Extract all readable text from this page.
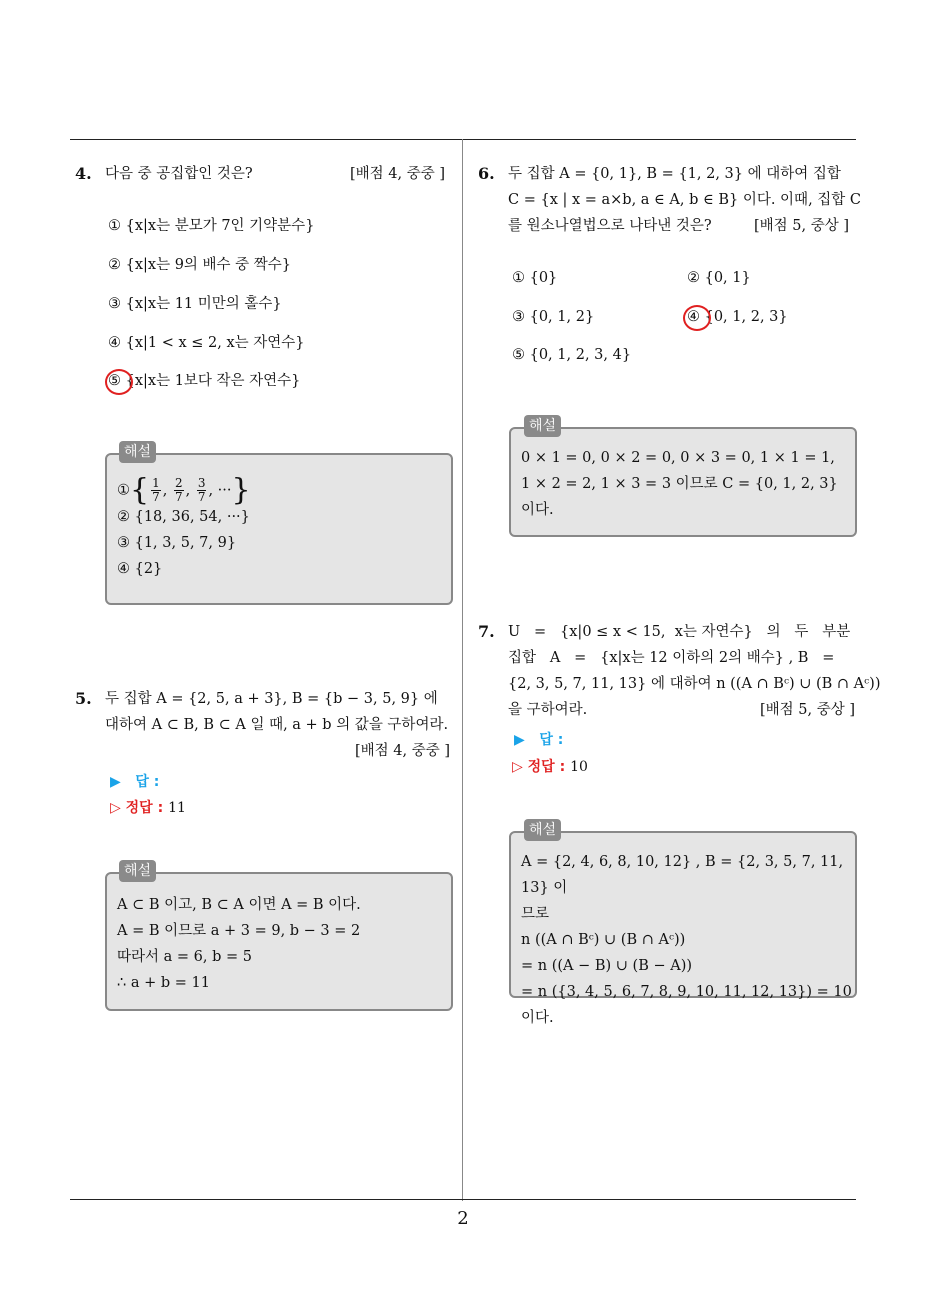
4. 다음 중 공집합인 것은?	[배점 4, 중중 ]
① {x|x는 분모가 7인 기약분수}
② {x|x는 9의 배수 중 짝수}
③ {x|x는 11 미만의 홀수}
④ {x|1 < x ≤ 2, x는 자연수}
⑤ {x|x는 1보다 작은 자연수}
①{ $\frac{1}{7}$ , $\frac{2}{7}$ , $\frac{3}{7}$ , ···}
② {18, 36, 54, ···}
③ {1, 3, 5, 7, 9}
④ {2}
해설
5. 두 집합 A = {2, 5, a + 3}, B = {b − 3, 5, 9} 에
대하여 A ⊂ B, B ⊂ A 일 때, a + b 의 값을 구하여라.
[배점 4, 중중 ]
▶ 답 :
▷ 정답 : 11
A ⊂ B 이고, B ⊂ A 이면 A = B 이다.
A = B 이므로 a + 3 = 9, b − 3 = 2
따라서 a = 6, b = 5
∴ a + b = 11
해설
6. 두 집합 A = {0, 1}, B = {1, 2, 3} 에 대하여 집합
C = {x | x = a×b, a ∈ A, b ∈ B} 이다. 이때, 집합 C
를 원소나열법으로 나타낸 것은?	[배점 5, 중상 ]
① {0}	② {0, 1}
③ {0, 1, 2}	④ {0, 1, 2, 3}
⑤ {0, 1, 2, 3, 4}
0 × 1 = 0, 0 × 2 = 0, 0 × 3 = 0, 1 × 1 = 1,
1 × 2 = 2, 1 × 3 = 3 이므로 C = {0, 1, 2, 3}
이다.
해설
7. U   =   {x|0 ≤ x < 15,  x는 자연수}   의   두   부분
집합   A   =   {x|x는 12 이하의 2의 배수} , B   =
{2, 3, 5, 7, 11, 13} 에 대하여 n ((A ∩ Bᶜ) ∪ (B ∩ Aᶜ))
을 구하여라.	[배점 5, 중상 ]
▶ 답 :
▷ 정답 : 10
A = {2, 4, 6, 8, 10, 12} , B = {2, 3, 5, 7, 11, 13} 이
므로
n ((A ∩ Bᶜ) ∪ (B ∩ Aᶜ))
= n ((A − B) ∪ (B − A))
= n ({3, 4, 5, 6, 7, 8, 9, 10, 11, 12, 13}) = 10 이다.
해설
2
